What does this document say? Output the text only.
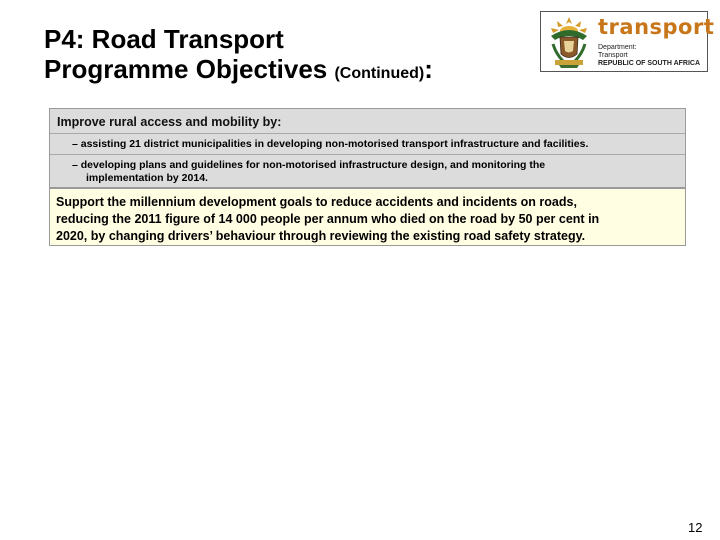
P4: Road Transport
Programme Objectives (Continued):
transport
Department:
Transport
REPUBLIC OF SOUTH AFRICA
Improve rural access and mobility by:
– assisting 21 district municipalities in developing non-motorised transport infrastructure and facilities.
– developing plans and guidelines for non-motorised infrastructure design, and monitoring the
implementation by 2014.
Support the millennium development goals to reduce accidents and incidents on roads,
reducing the 2011 figure of 14 000 people per annum who died on the road by 50 per cent in
2020, by changing drivers’ behaviour through reviewing the existing road safety strategy.
12
